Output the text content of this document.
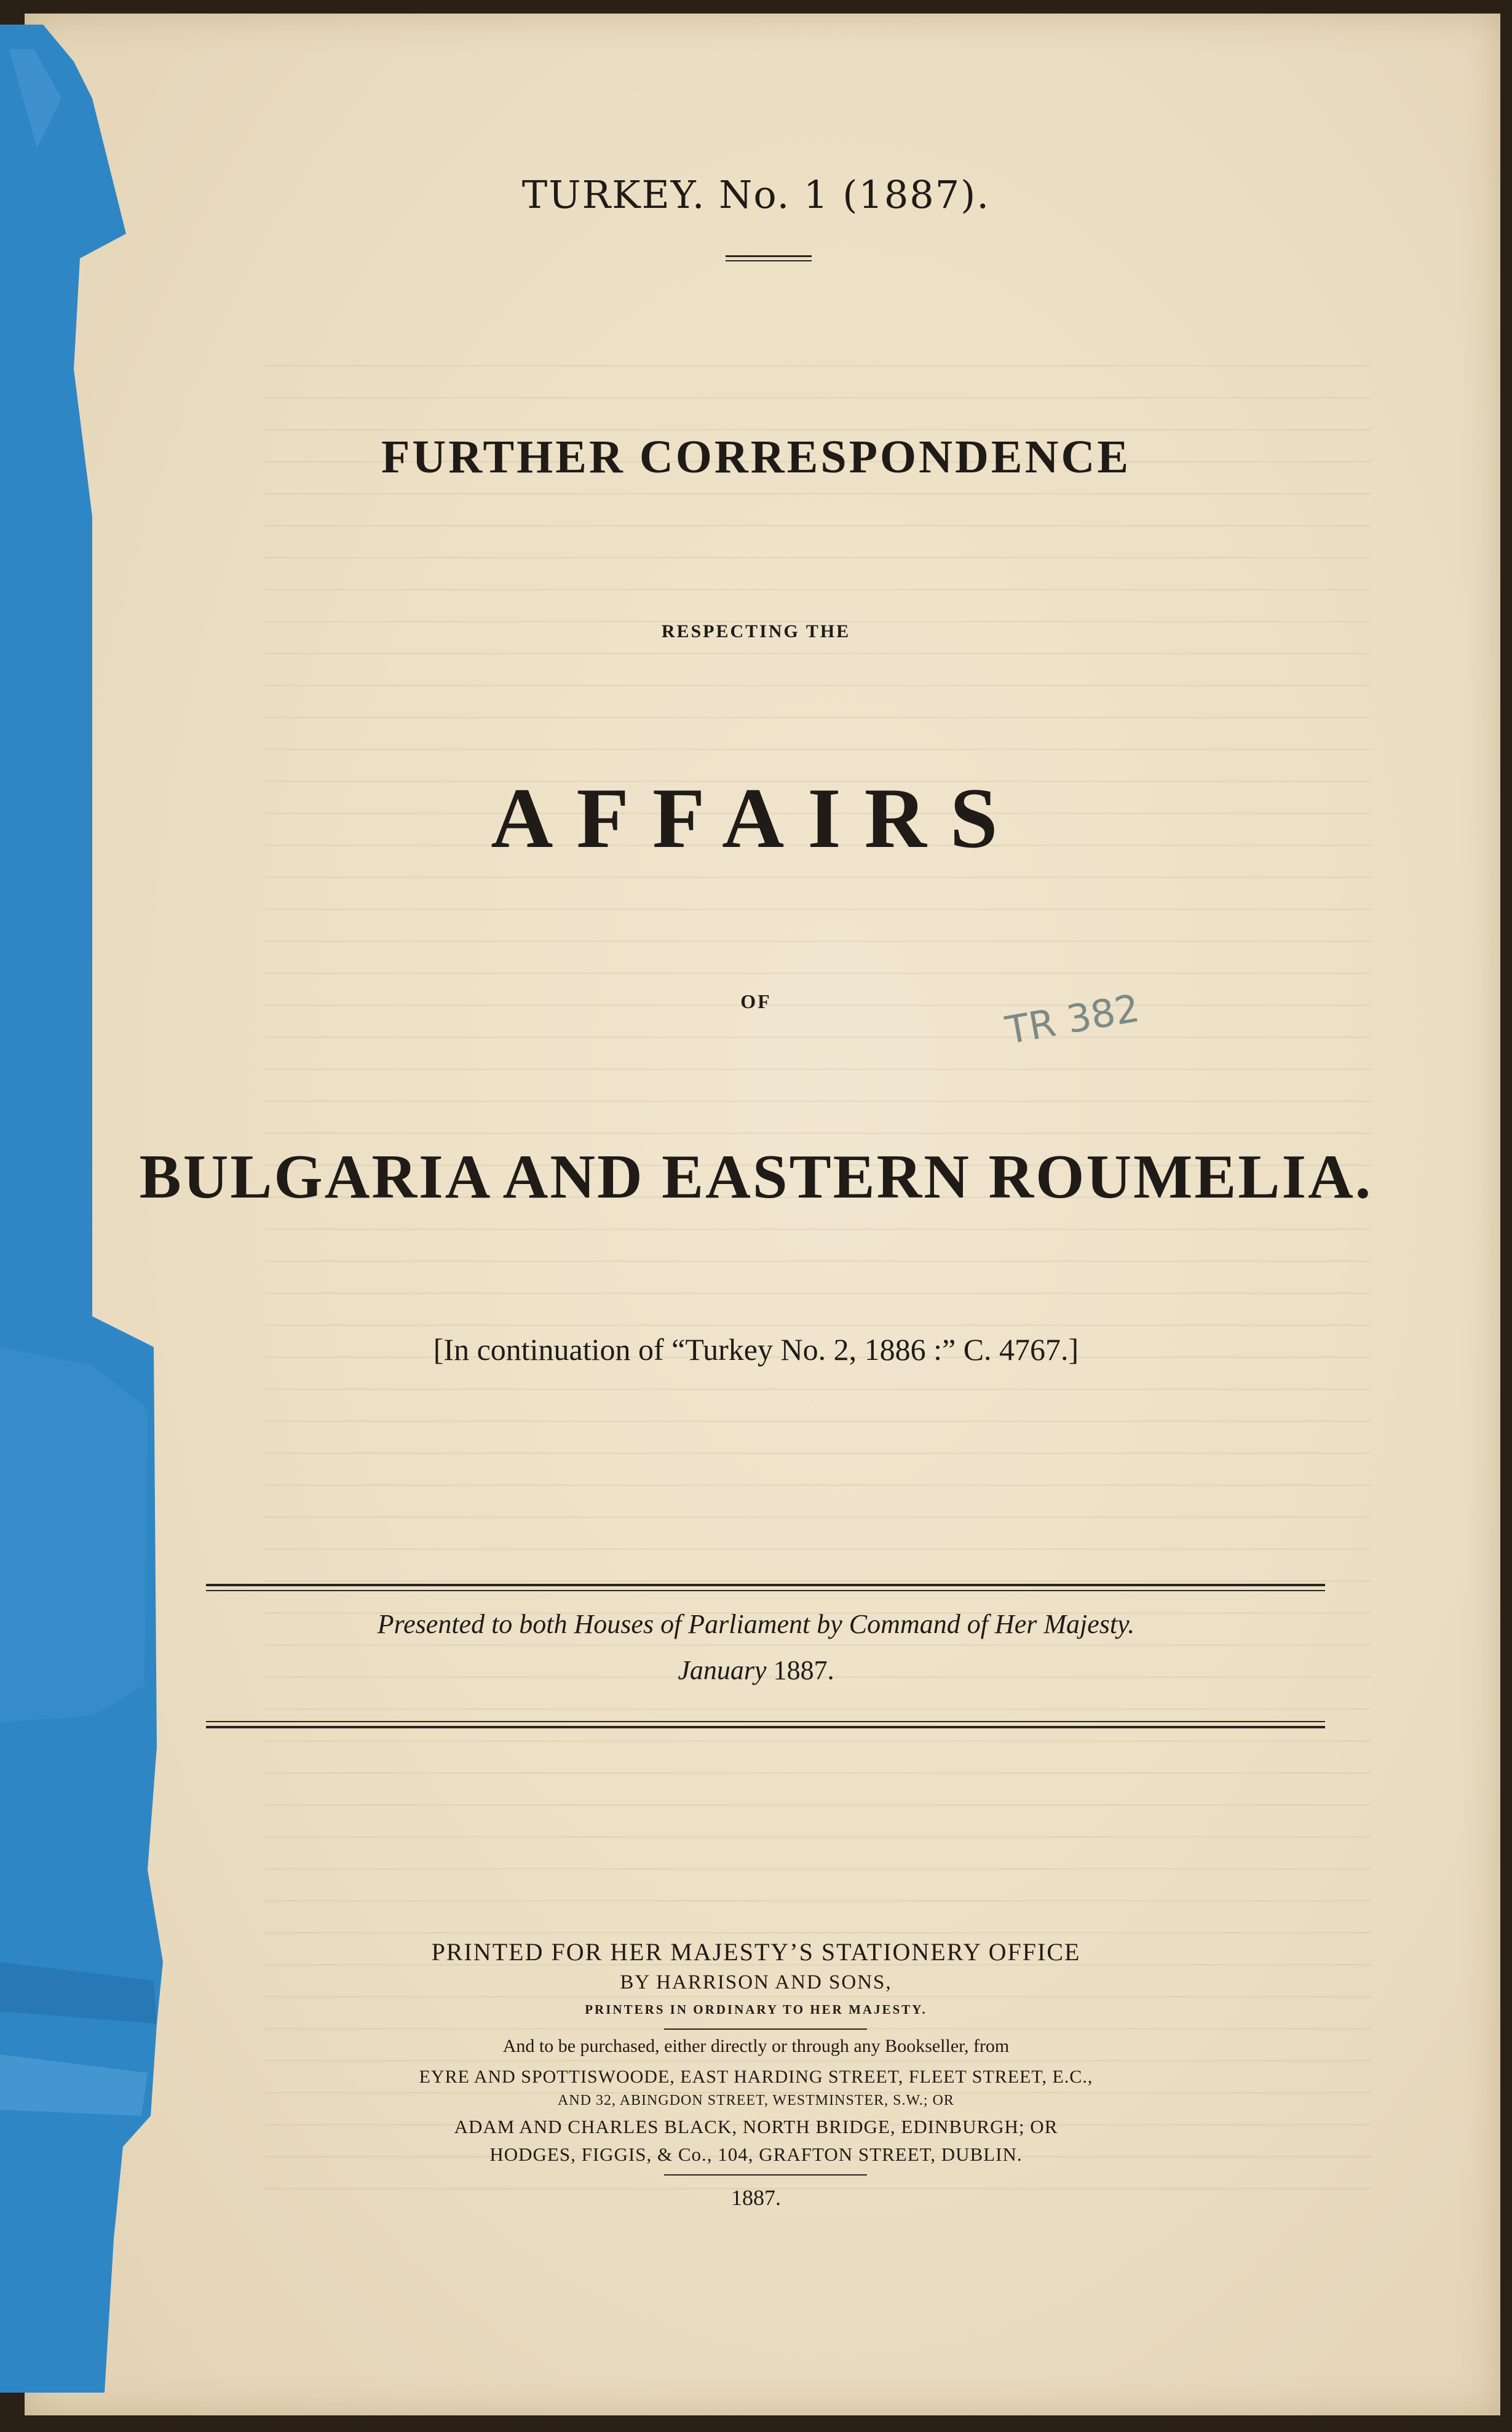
TURKEY. No. 1 (1887).
FURTHER CORRESPONDENCE
RESPECTING THE
AFFAIRS
OF	TR 382
BULGARIA AND EASTERN ROUMELIA.
[In continuation of “Turkey No. 2, 1886 :” C. 4767.]
Presented to both Houses of Parliament by Command of Her Majesty.
January 1887.
PRINTED FOR HER MAJESTY’S STATIONERY OFFICE
BY HARRISON AND SONS,
PRINTERS IN ORDINARY TO HER MAJESTY.
And to be purchased, either directly or through any Bookseller, from
EYRE AND SPOTTISWOODE, EAST HARDING STREET, FLEET STREET, E.C.,
AND 32, ABINGDON STREET, WESTMINSTER, S.W.; OR
ADAM AND CHARLES BLACK, NORTH BRIDGE, EDINBURGH; OR
HODGES, FIGGIS, & Co., 104, GRAFTON STREET, DUBLIN.
1887.
